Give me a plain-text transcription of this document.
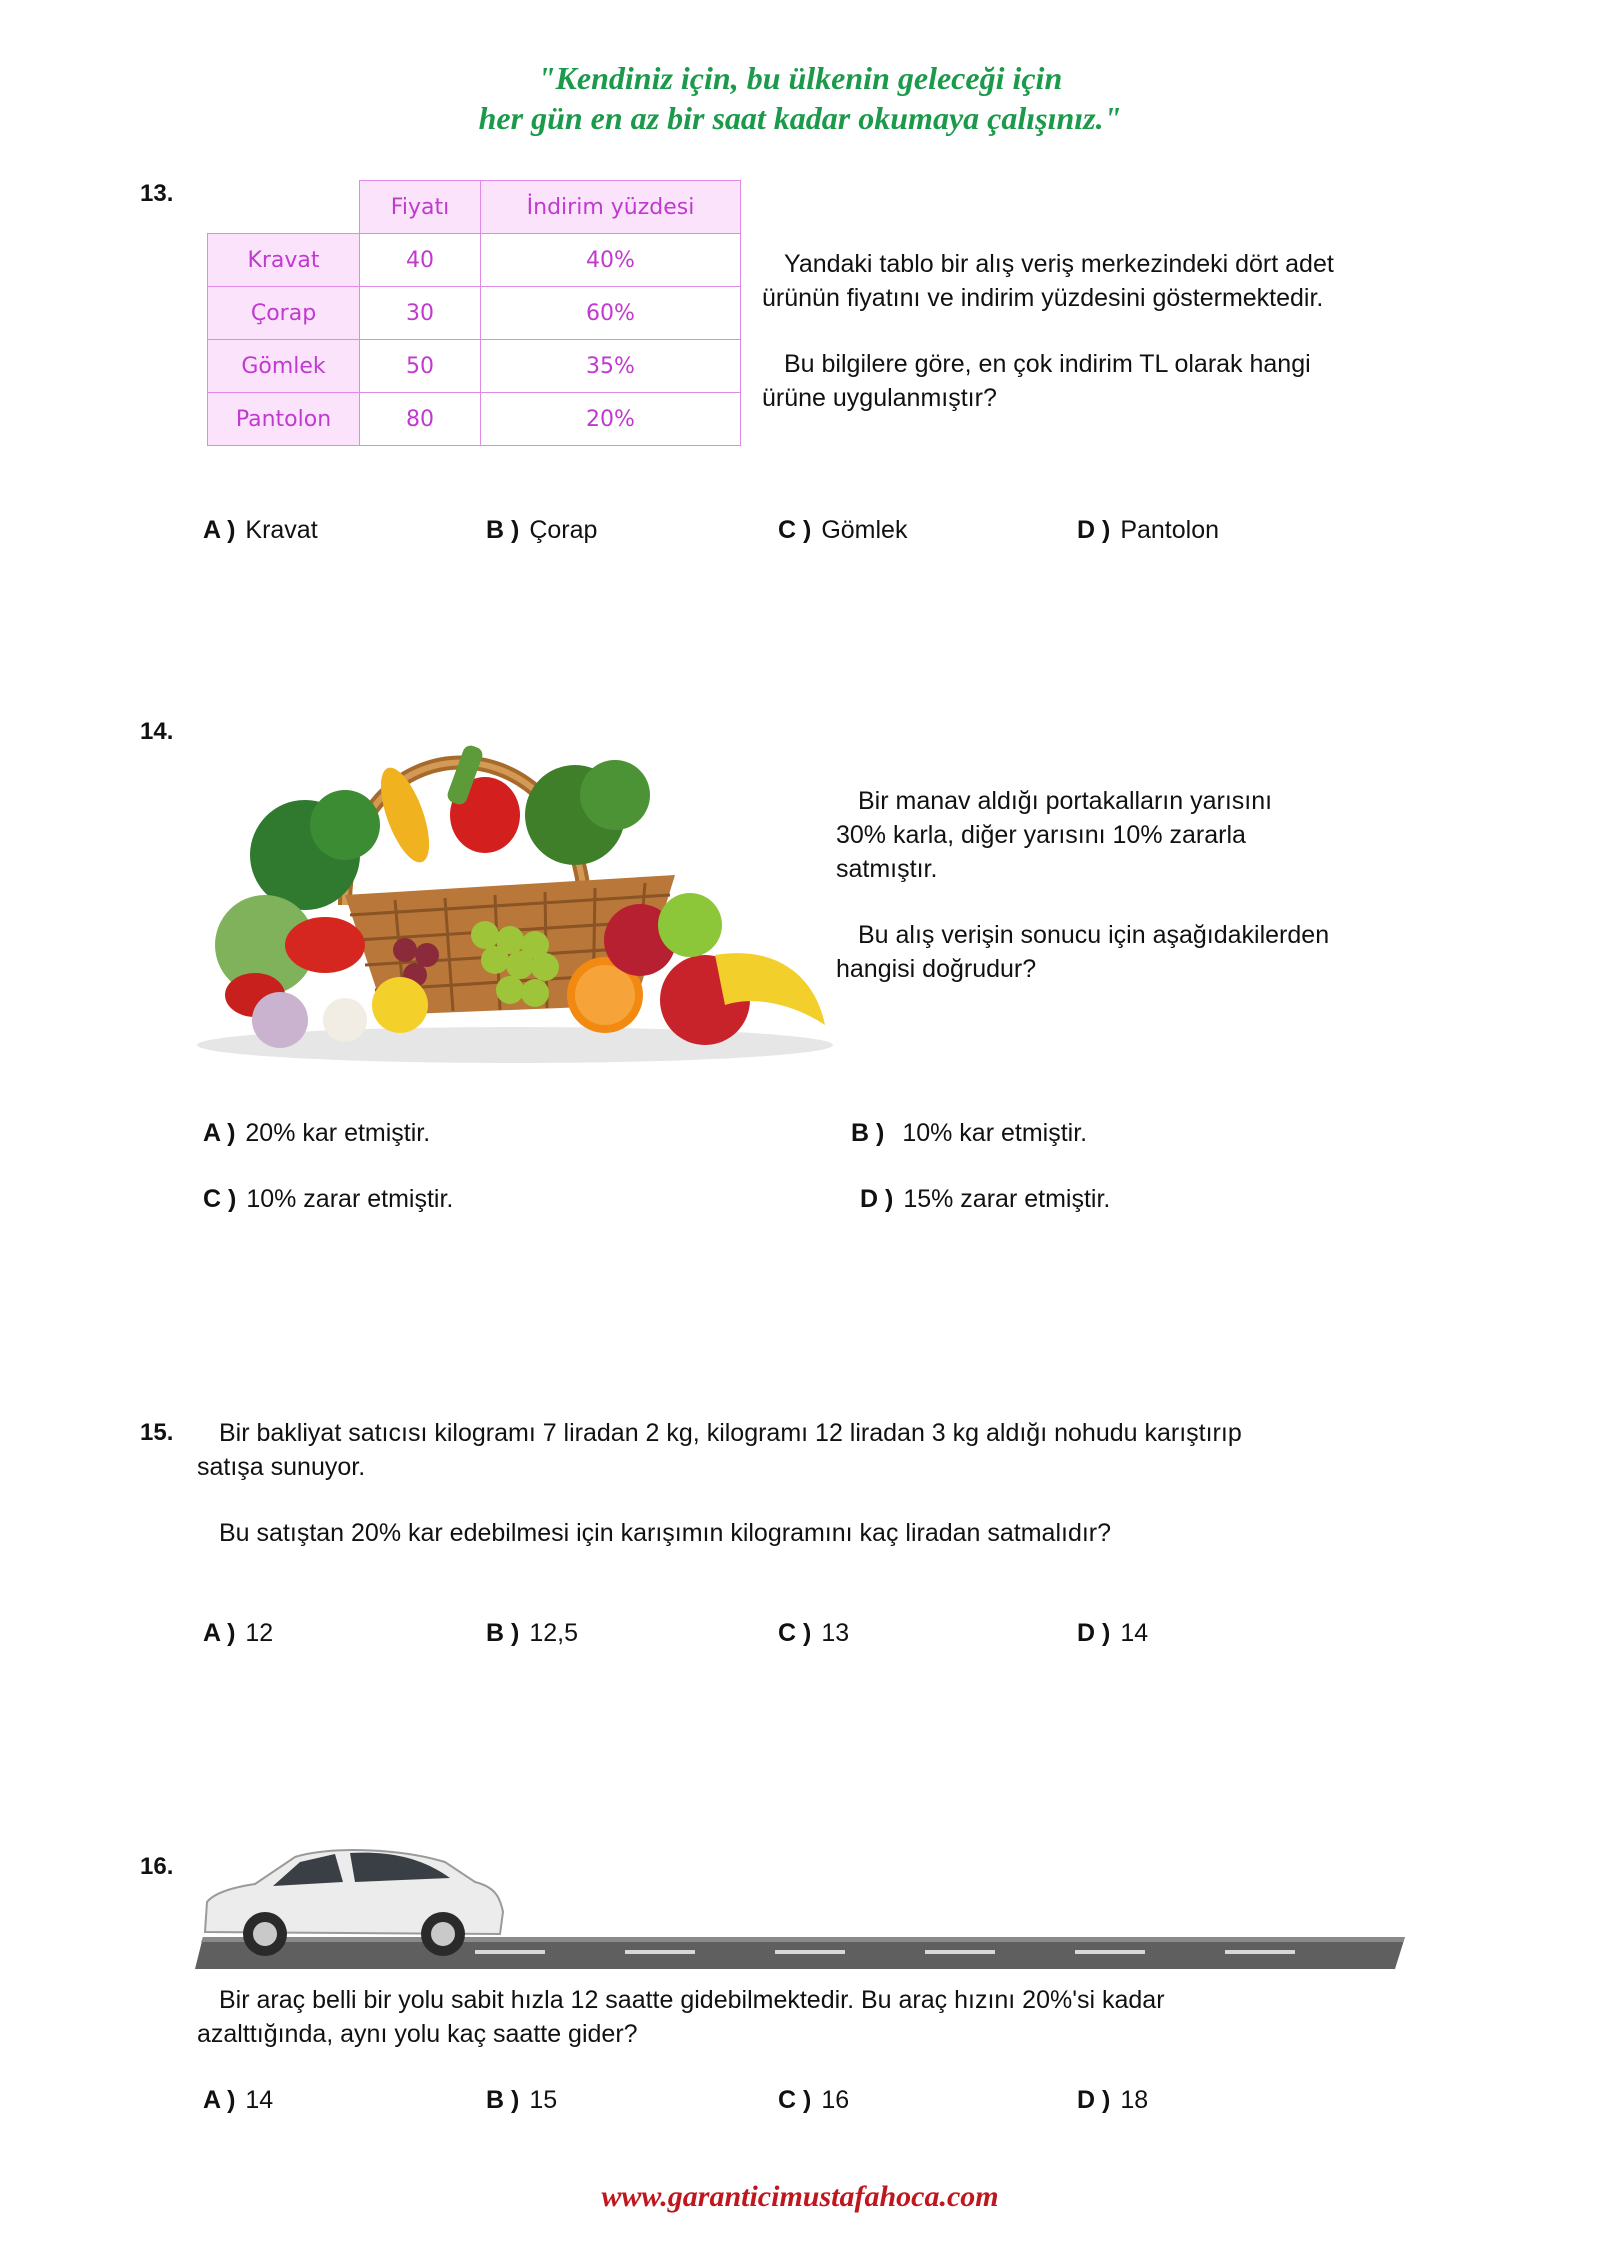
"Kendiniz için, bu ülkenin geleceği için
her gün en az bir saat kadar okumaya çalışınız."
13.
		Fiyatı	İndirim yüzdesi
Kravat	40	40%
Çorap	30	60%
Gömlek	50	35%
Pantolon	80	20%
Yandaki tablo bir alış veriş merkezindeki dört adet
ürünün fiyatını ve indirim yüzdesini göstermektedir.
Bu bilgilere göre, en çok indirim TL olarak hangi
ürüne uygulanmıştır?
A ) Kravat	B ) Çorap	C ) Gömlek	D ) Pantolon
14.
Bir manav aldığı portakalların yarısını
30% karla, diğer yarısını 10% zararla
satmıştır.
Bu alış verişin sonucu için aşağıdakilerden
hangisi doğrudur?
A ) 20% kar etmiştir.	B ) 10% kar etmiştir.
C ) 10% zarar etmiştir.	D ) 15% zarar etmiştir.
15.	Bir bakliyat satıcısı kilogramı 7 liradan 2 kg, kilogramı 12 liradan 3 kg aldığı nohudu karıştırıp
satışa sunuyor.
Bu satıştan 20% kar edebilmesi için karışımın kilogramını kaç liradan satmalıdır?
A ) 12	B ) 12,5	C ) 13	D ) 14
16.
Bir araç belli bir yolu sabit hızla 12 saatte gidebilmektedir. Bu araç hızını 20%'si kadar
azalttığında, aynı yolu kaç saatte gider?
A ) 14	B ) 15	C ) 16	D ) 18
www.garanticimustafahoca.com
